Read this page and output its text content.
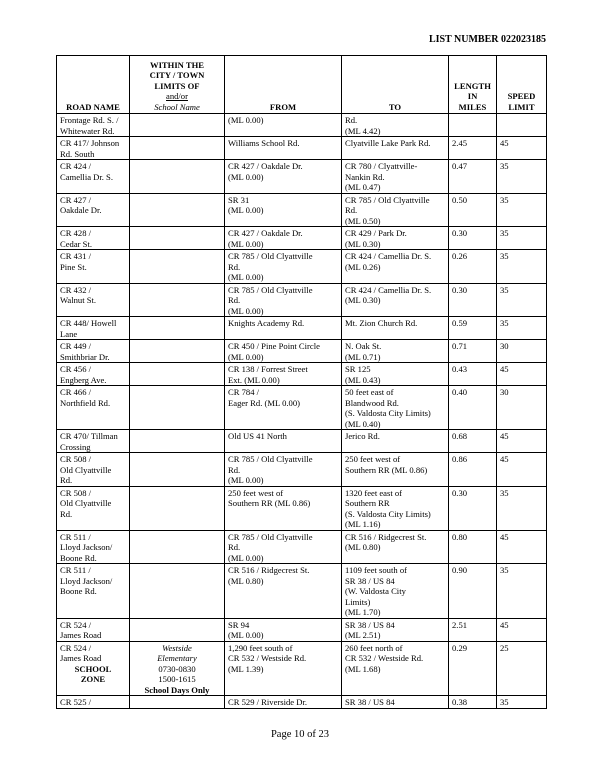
LIST NUMBER 022023185
ROAD NAME	WITHIN THE
CITY / TOWN
LIMITS OF
and/or
School Name	FROM	TO	LENGTH
IN
MILES	SPEED
LIMIT

Frontage Rd. S. /
Whitewater Rd.		(ML 0.00)	Rd.
(ML 4.42)		

CR 417/ Johnson
Rd. South		Williams School Rd.	Clyatville Lake Park Rd.	2.45	45

CR 424 /
Camellia Dr. S.		CR 427 / Oakdale Dr.
(ML 0.00)	CR 780 / Clyattville-
Nankin Rd.
(ML 0.47)	0.47	35

CR 427 /
Oakdale Dr.		SR 31
(ML 0.00)	CR 785 / Old Clyattville
Rd.
(ML 0.50)	0.50	35

CR 428 /
Cedar St.		CR 427 / Oakdale Dr.
(ML 0.00)	CR 429 / Park Dr.
(ML 0.30)	0.30	35

CR 431 /
Pine St.		CR 785 / Old Clyattville
Rd.
(ML 0.00)	CR 424 / Camellia Dr. S.
(ML 0.26)	0.26	35

CR 432 /
Walnut St.		CR 785 / Old Clyattville
Rd.
(ML 0.00)	CR 424 / Camellia Dr. S.
(ML 0.30)	0.30	35

CR 448/ Howell
Lane		Knights Academy Rd.	Mt. Zion Church Rd.	0.59	35

CR 449 /
Smithbriar Dr.		CR 450 / Pine Point Circle
(ML 0.00)	N. Oak St.
(ML 0.71)	0.71	30

CR 456 /
Engberg Ave.		CR 138 / Forrest Street
Ext. (ML 0.00)	SR 125
(ML 0.43)	0.43	45

CR 466 /
Northfield Rd.		CR 784 /
Eager Rd. (ML 0.00)	50 feet east of
Blandwood Rd.
(S. Valdosta City Limits)
(ML 0.40)	0.40	30

CR 470/ Tillman
Crossing		Old US 41 North	Jerico Rd.	0.68	45

CR 508 /
Old Clyattville
Rd.		CR 785 / Old Clyattville
Rd.
(ML 0.00)	250 feet west of
Southern RR (ML 0.86)	0.86	45

CR 508 /
Old Clyattville
Rd.		250 feet west of
Southern RR (ML 0.86)	1320 feet east of
Southern RR
(S. Valdosta City Limits)
(ML 1.16)	0.30	35

CR 511 /
Lloyd Jackson/
Boone Rd.		CR 785 / Old Clyattville
Rd.
(ML 0.00)	CR 516 / Ridgecrest St.
(ML 0.80)	0.80	45

CR 511 /
Lloyd Jackson/
Boone Rd.		CR 516 / Ridgecrest St.
(ML 0.80)	1109 feet south of
SR 38 / US 84
(W. Valdosta City
Limits)
(ML 1.70)	0.90	35

CR 524 /
James Road		SR 94
(ML 0.00)	SR 38 / US 84
(ML 2.51)	2.51	45

CR 524 /
James Road
SCHOOL
ZONE	Westside
Elementary
0730-0830
1500-1615
School Days Only	1,290 feet south of
CR 532 / Westside Rd.
(ML 1.39)	260 feet north of
CR 532 / Westside Rd.
(ML 1.68)	0.29	25

CR 525 /		CR 529 / Riverside Dr.	SR 38 / US 84	0.38	35
Page 10 of 23
